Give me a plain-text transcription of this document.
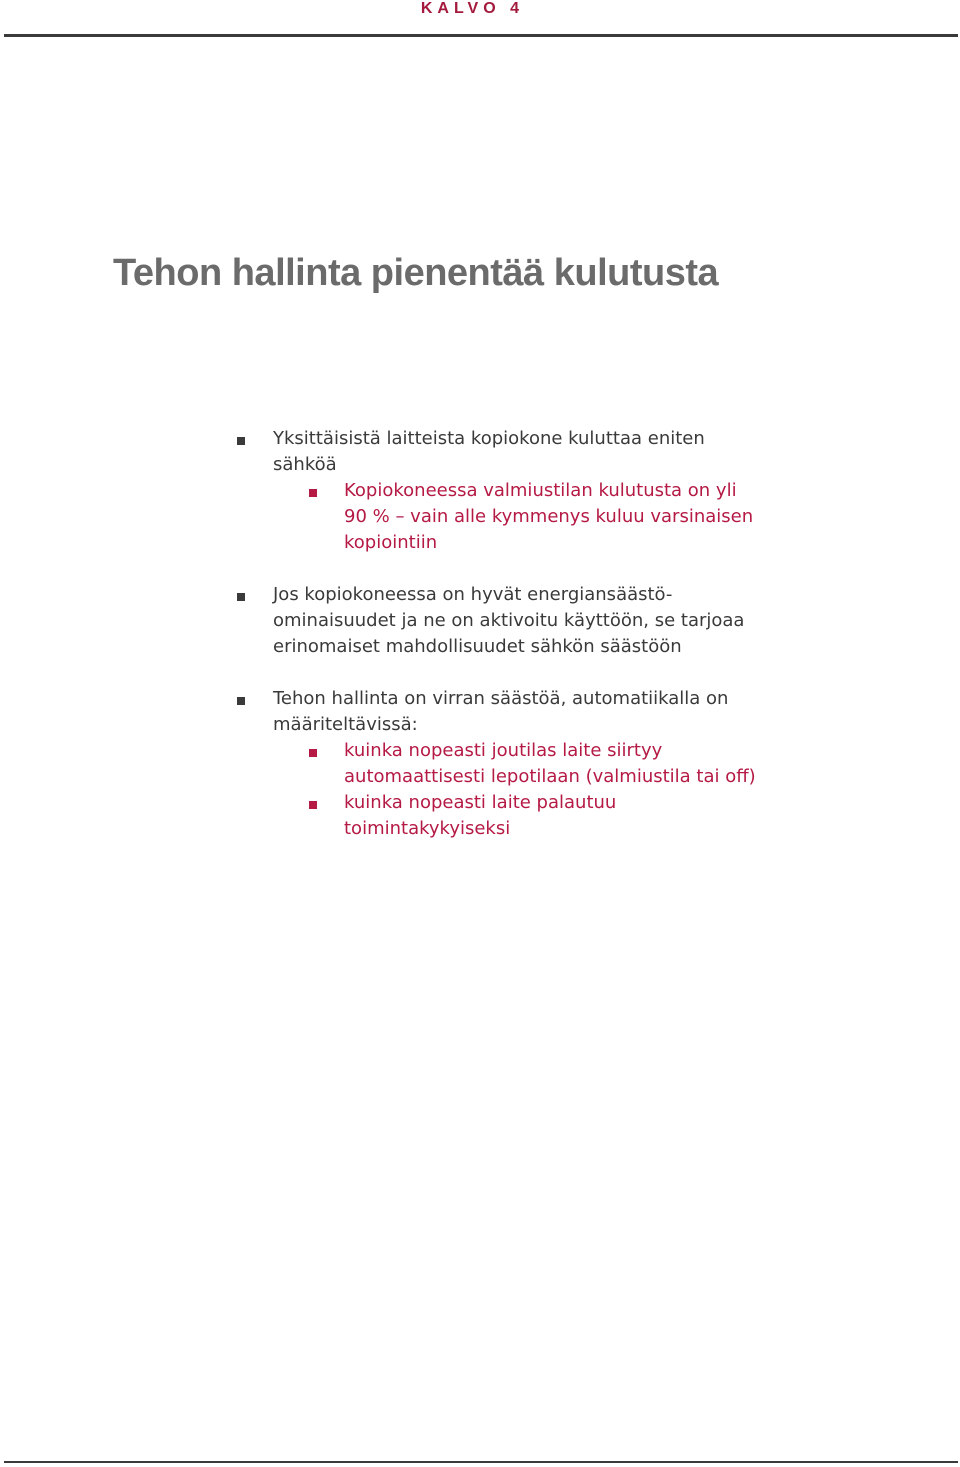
KALVO 4
Tehon hallinta pienentää kulutusta
Yksittäisistä laitteista kopiokone kuluttaa eniten sähköä
Kopiokoneessa valmiustilan kulutusta on yli 90 % – vain alle kymmenys kuluu varsinaisen kopiointiin
Jos kopiokoneessa on hyvät energiansäästö-ominaisuudet ja ne on aktivoitu käyttöön, se tarjoaa erinomaiset mahdollisuudet sähkön säästöön
Tehon hallinta on virran säästöä, automatiikalla on määriteltävissä:
kuinka nopeasti joutilas laite siirtyy automaattisesti lepotilaan (valmiustila tai off)
kuinka nopeasti laite palautuu toimintakykyiseksi
